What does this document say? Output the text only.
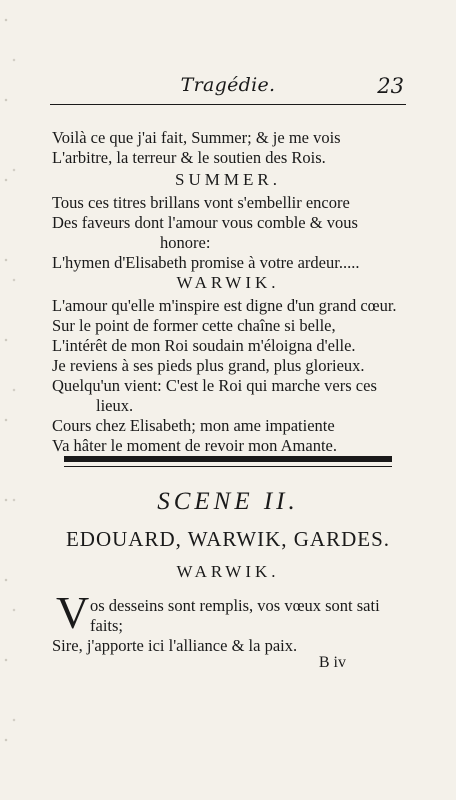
Tragédie.	23
Voilà ce que j'ai fait, Summer; & je me vois
L'arbitre, la terreur & le soutien des Rois.
SUMMER.
Tous ces titres brillans vont s'embellir encore
Des faveurs dont l'amour vous comble & vous
honore:
L'hymen d'Elisabeth promise à votre ardeur.....
WARWIK.
L'amour qu'elle m'inspire est digne d'un grand cœur.
Sur le point de former cette chaîne si belle,
L'intérêt de mon Roi soudain m'éloigna d'elle.
Je reviens à ses pieds plus grand, plus glorieux.
Quelqu'un vient: C'est le Roi qui marche vers ces
lieux.
Cours chez Elisabeth; mon ame impatiente
Va hâter le moment de revoir mon Amante.
SCENE II.
EDOUARD, WARWIK, GARDES.
WARWIK.
V os desseins sont remplis, vos vœux sont sati
faits;
Sire, j'apporte ici l'alliance & la paix.
B iv
